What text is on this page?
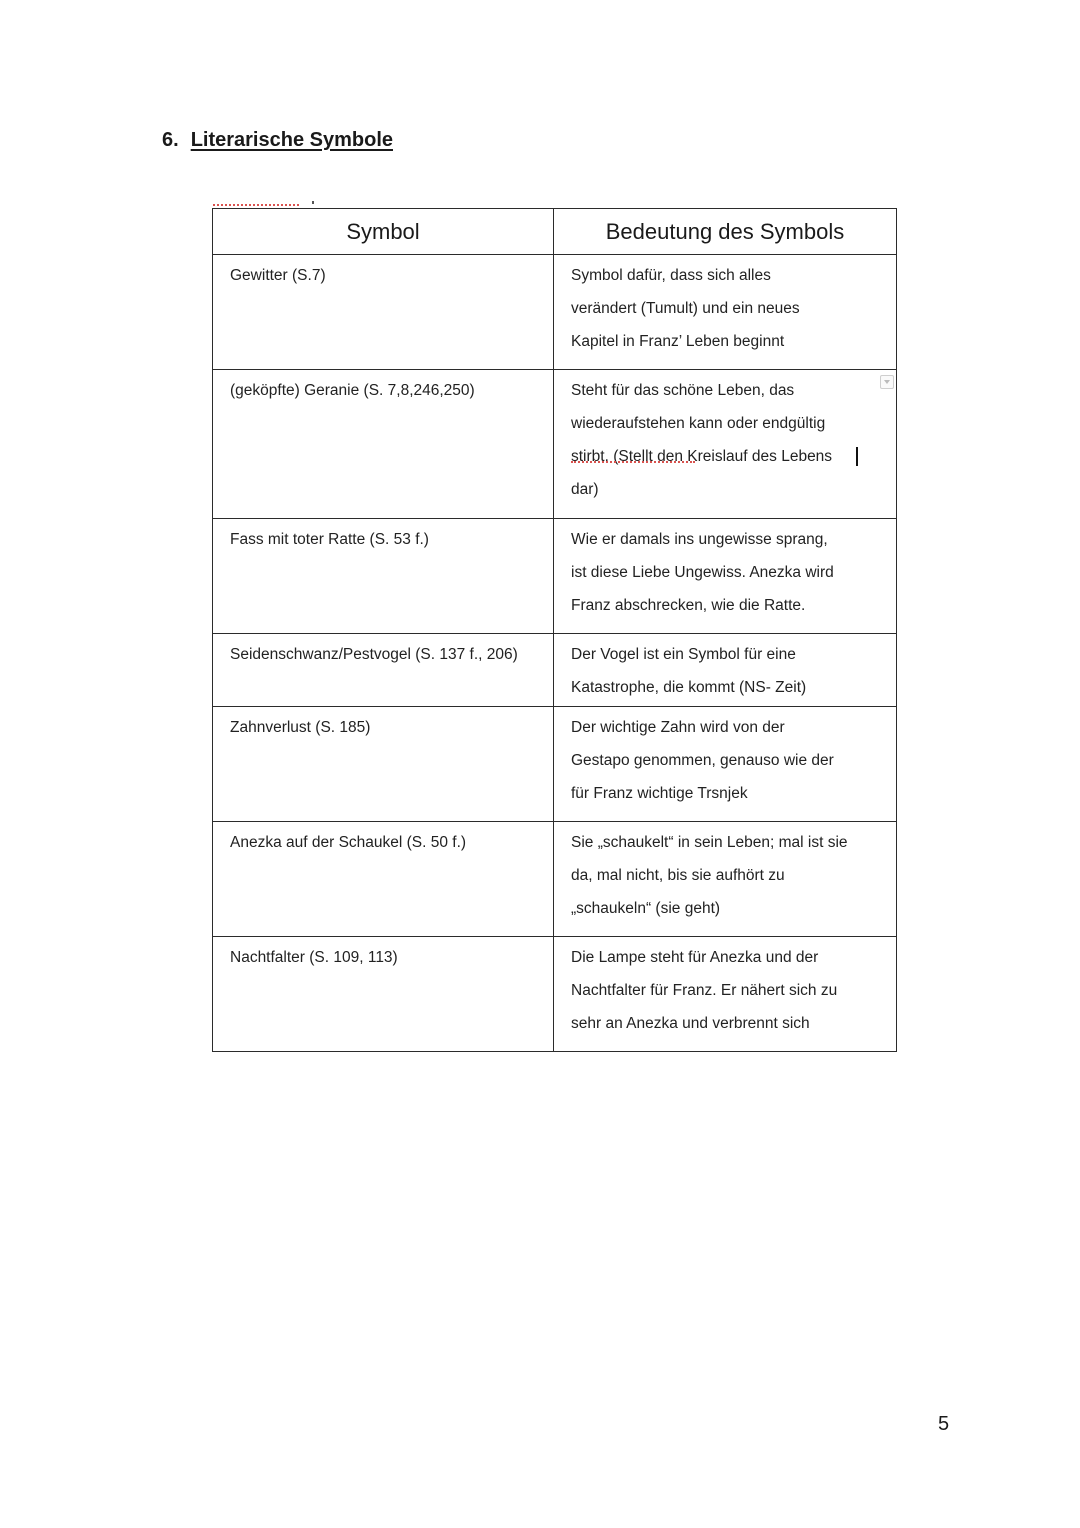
6. Literarische Symbole
Symbol	Bedeutung des Symbols
Gewitter (S.7)	Symbol dafür, dass sich alles
verändert (Tumult) und ein neues
Kapitel in Franz’ Leben beginnt

(geköpfte) Geranie (S. 7,8,246,250)	Steht für das schöne Leben, das
wiederaufstehen kann oder endgültig
stirbt. (Stellt den Kreislauf des Lebens
dar)

Fass mit toter Ratte (S. 53 f.)	Wie er damals ins ungewisse sprang,
ist diese Liebe Ungewiss. Anezka wird
Franz abschrecken, wie die Ratte.

Seidenschwanz/Pestvogel (S. 137 f., 206)	Der Vogel ist ein Symbol für eine
Katastrophe, die kommt (NS- Zeit)

Zahnverlust (S. 185)	Der wichtige Zahn wird von der
Gestapo genommen, genauso wie der
für Franz wichtige Trsnjek

Anezka auf der Schaukel (S. 50 f.)	Sie „schaukelt“ in sein Leben; mal ist sie
da, mal nicht, bis sie aufhört zu
„schaukeln“ (sie geht)

Nachtfalter (S. 109, 113)	Die Lampe steht für Anezka und der
Nachtfalter für Franz. Er nähert sich zu
sehr an Anezka und verbrennt sich
5
